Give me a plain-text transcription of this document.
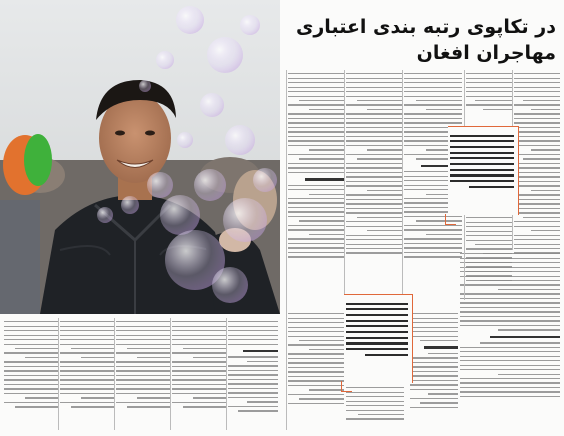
در تکاپوی رتبه بندی اعتباری
مهاجران افغان
